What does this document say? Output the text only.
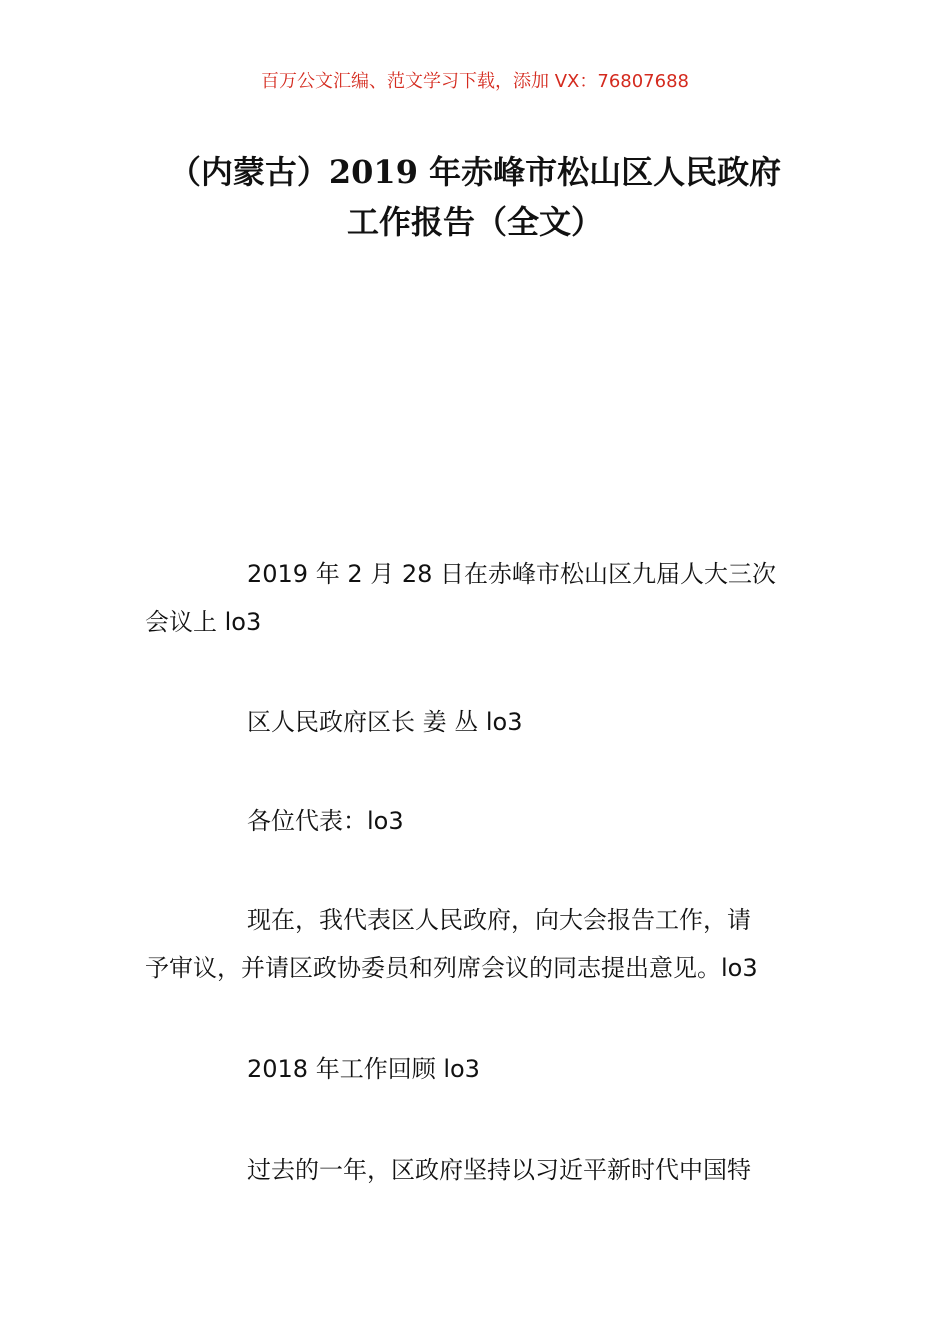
百万公文汇编、范文学习下载，添加 VX：76807688
（内蒙古）2019 年赤峰市松山区人民政府
工作报告（全文）
2019 年 2 月 28 日在赤峰市松山区九届人大三次
会议上 lo3
区人民政府区长 姜 丛 lo3
各位代表：lo3
现在，我代表区人民政府，向大会报告工作，请
予审议，并请区政协委员和列席会议的同志提出意见。lo3
2018 年工作回顾 lo3
过去的一年，区政府坚持以习近平新时代中国特
